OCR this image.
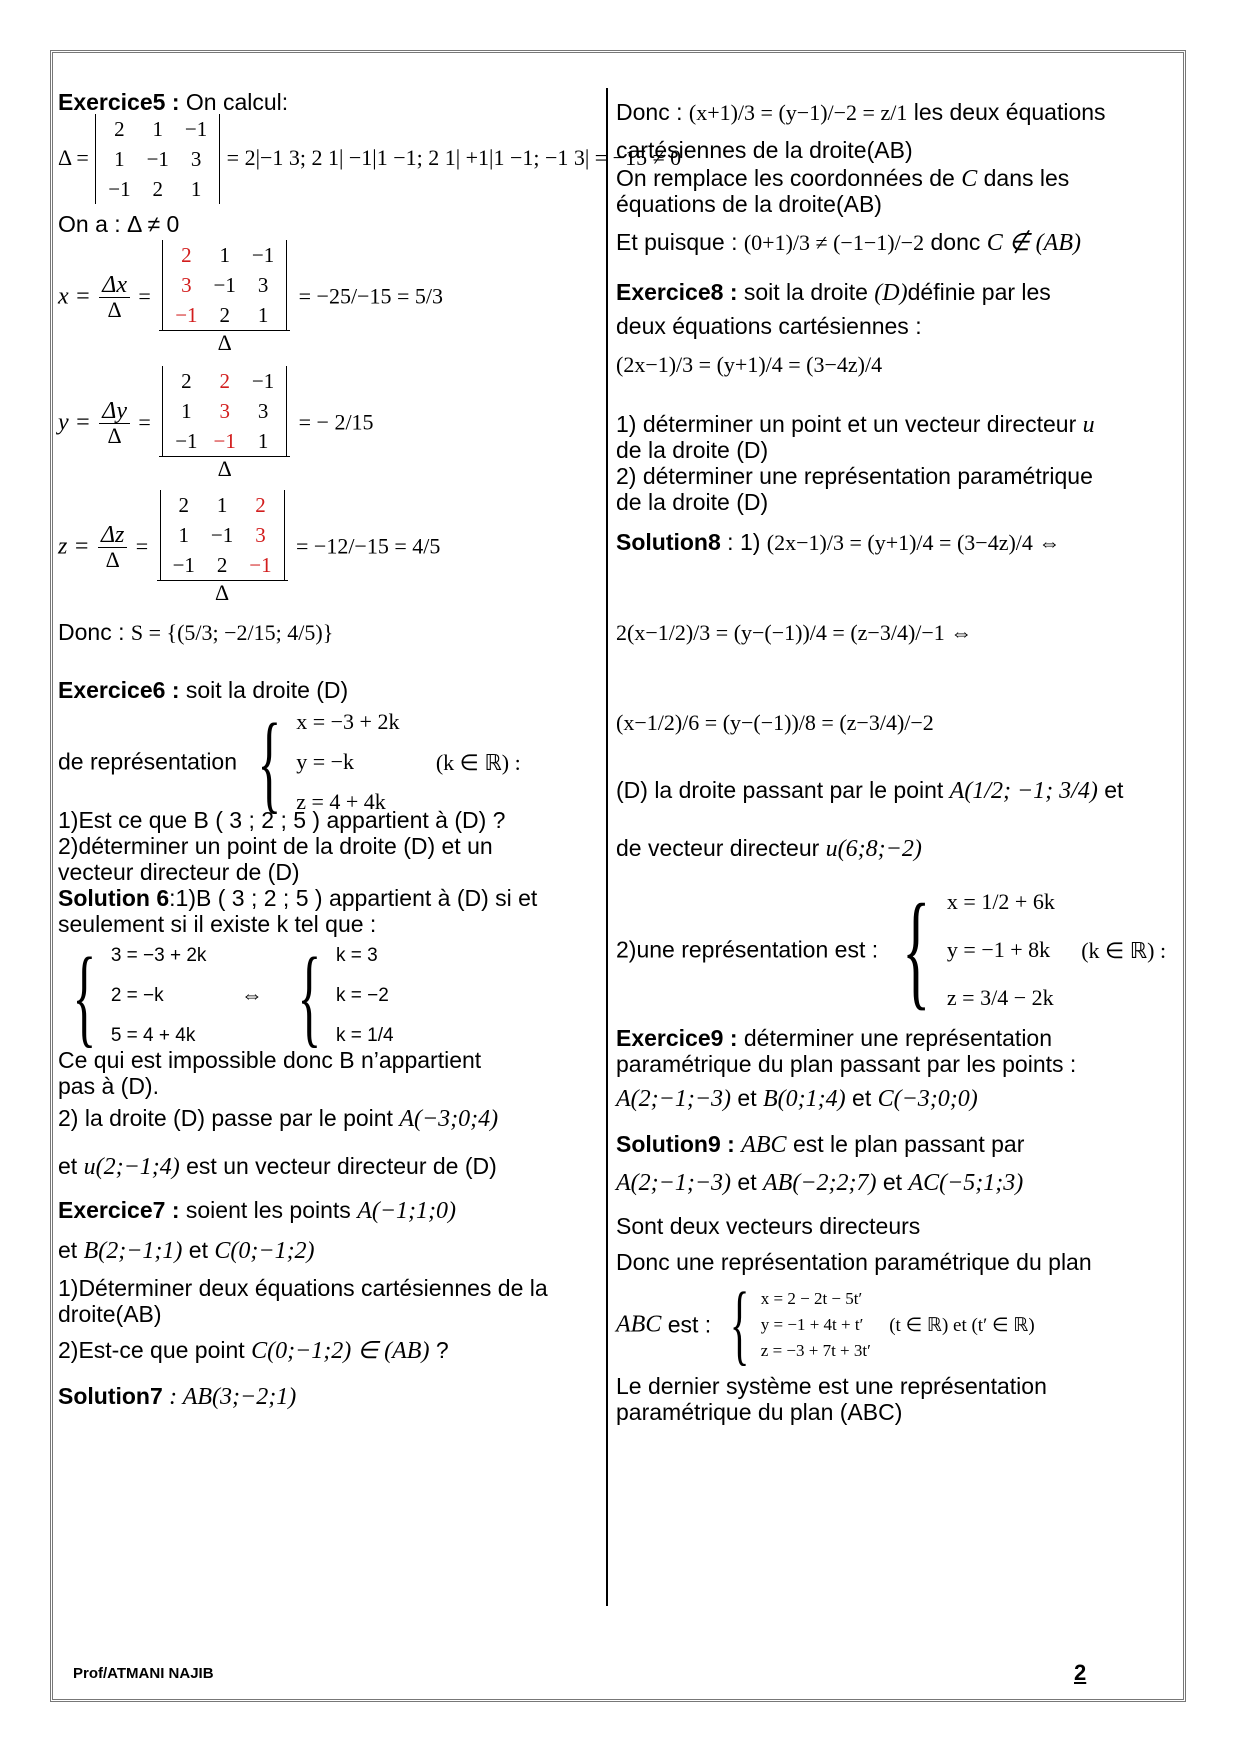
Exercice5 : On calcul:
Δ =
2	1	−1
1	−1	3
−1	2	1
= 2|−1 3; 2 1| −1|1 −1; 2 1| +1|1 −1; −1 3| = −15 ≠ 0
On a : Δ ≠ 0
$x = \frac{\Delta x}{\Delta} = 2$	1	−1
3	−1	3
−1	2	1
Δ = −25/−15 = 5/3
$y = \frac{\Delta y}{\Delta} = 2$	2	−1
1	3	3
−1	−1	1
Δ = − 2/15
$z = \frac{\Delta z}{\Delta} = 2$	1	2
1	−1	3
−1	2	−1
Δ = −12/−15 = 4/5
Donc : S = {(5/3; −2/15; 4/5)}
Exercice6 : soit la droite (D)
de représentation { x = −3 + 2k
y = −k
z = 4 + 4k
(k ∈ ℝ) :
1)Est ce que B ( 3 ; 2 ; 5 ) appartient à (D) ?
2)déterminer un point de la droite (D) et un
vecteur directeur de (D)
Solution 6:1)B ( 3 ; 2 ; 5 ) appartient à (D) si et
seulement si il existe k tel que :
{ 3 = −3 + 2k
2 = −k
5 = 4 + 4k
⇔ { k = 3
k = −2
k = 1/4
Ce qui est impossible donc B n’appartient
pas à (D).
2) la droite (D) passe par le point A(−3;0;4)
et u(2;−1;4) est un vecteur directeur de (D)
Exercice7 : soient les points A(−1;1;0)
et B(2;−1;1) et C(0;−1;2)
1)Déterminer deux équations cartésiennes de la
droite(AB)
2)Est-ce que point C(0;−1;2) ∈ (AB) ?
Solution7 : AB(3;−2;1)
Donc : (x+1)/3 = (y−1)/−2 = z/1 les deux équations
cartésiennes de la droite(AB)
On remplace les coordonnées de C dans les
équations de la droite(AB)
Et puisque : (0+1)/3 ≠ (−1−1)/−2 donc C ∉ (AB)
Exercice8 : soit la droite (D)définie par les
deux équations cartésiennes :
(2x−1)/3 = (y+1)/4 = (3−4z)/4
1) déterminer un point et un vecteur directeur u
de la droite (D)
2) déterminer une représentation paramétrique
de la droite (D)
Solution8 : 1) (2x−1)/3 = (y+1)/4 = (3−4z)/4 ⇔
2(x−1/2)/3 = (y−(−1))/4 = (z−3/4)/−1 ⇔
(x−1/2)/6 = (y−(−1))/8 = (z−3/4)/−2
(D) la droite passant par le point A(1/2; −1; 3/4) et
de vecteur directeur u(6;8;−2)
2)une représentation est : { x = 1/2 + 6k
y = −1 + 8k
z = 3/4 − 2k
(k ∈ ℝ) :
Exercice9 : déterminer une représentation
paramétrique du plan passant par les points :
A(2;−1;−3) et B(0;1;4) et C(−3;0;0)
Solution9 : ABC est le plan passant par
A(2;−1;−3) et AB(−2;2;7) et AC(−5;1;3)
Sont deux vecteurs directeurs
Donc une représentation paramétrique du plan
ABC est : { x = 2 − 2t − 5t′
y = −1 + 4t + t′
z = −3 + 7t + 3t′
(t ∈ ℝ) et (t′ ∈ ℝ)
Le dernier système est une représentation
paramétrique du plan (ABC)
Prof/ATMANI NAJIB	2
